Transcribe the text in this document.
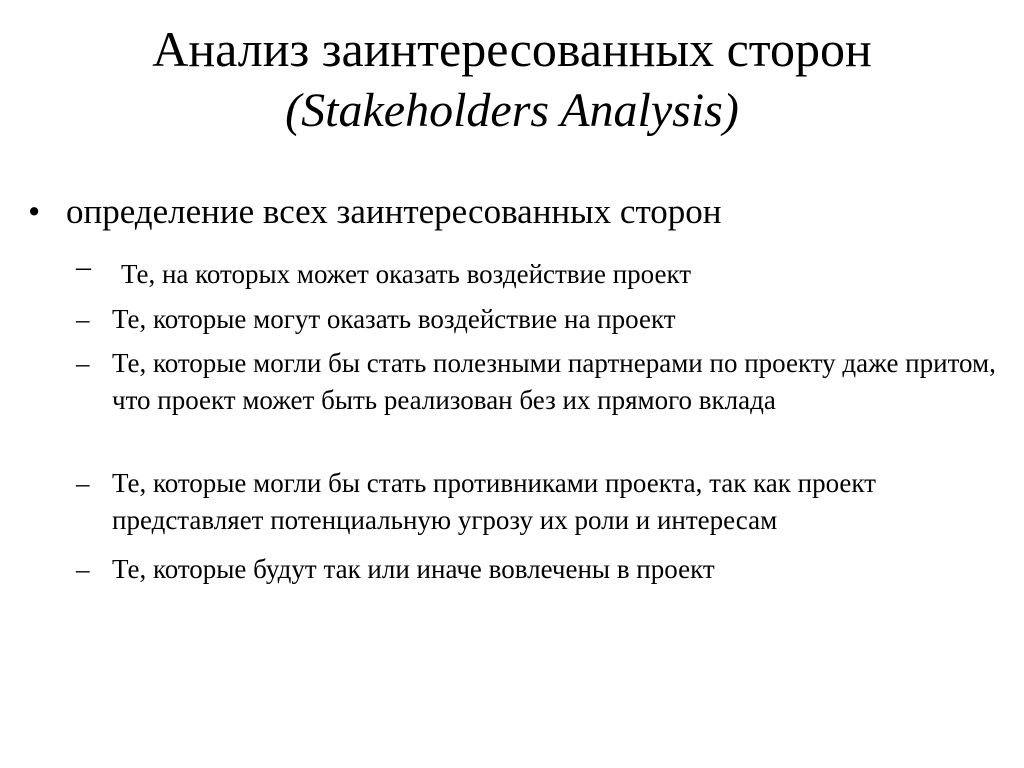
Анализ заинтересованных сторон
(Stakeholders Analysis)
• определение всех заинтересованных сторон
– Те, на которых может оказать воздействие проект
– Те, которые могут оказать воздействие на проект
– Те, которые могли бы стать полезными партнерами по проекту даже притом, что проект может быть реализован без их прямого вклада
– Те, которые могли бы стать противниками проекта, так как проект представляет потенциальную угрозу их роли и интересам
– Те, которые будут так или иначе вовлечены в проект
